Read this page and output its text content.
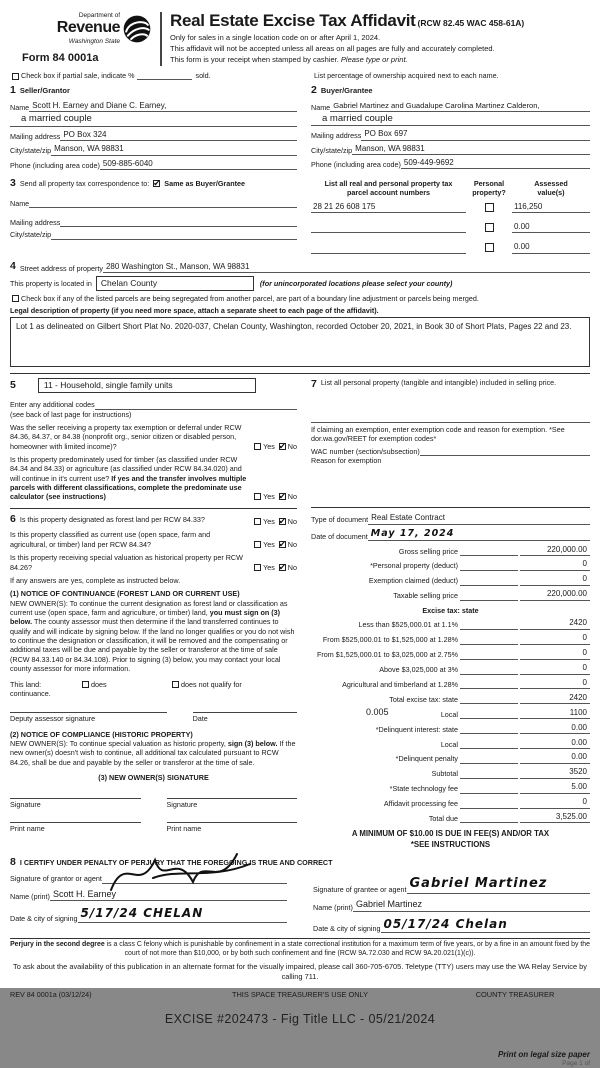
Department of
Revenue
Washington State
Form 84 0001a
Real Estate Excise Tax Affidavit (RCW 82.45 WAC 458-61A)
Only for sales in a single location code on or after April 1, 2024.
This affidavit will not be accepted unless all areas on all pages are fully and accurately completed.
This form is your receipt when stamped by cashier. Please type or print.
Check box if partial sale, indicate %	sold.	List percentage of ownership acquired next to each name.
1 Seller/Grantor
Name Scott H. Earney and Diane C. Earney,
a married couple
Mailing address PO Box 324
City/state/zip Manson, WA 98831
Phone (including area code) 509-885-6040
2 Buyer/Grantee
Name Gabriel Martinez and Guadalupe Carolina Martinez Calderon,
a married couple
Mailing address PO Box 697
City/state/zip Manson, WA 98831
Phone (including area code) 509-449-9692
3 Send all property tax correspondence to: ✔ Same as Buyer/Grantee
Name
Mailing address
City/state/zip
List all real and personal property tax
parcel account numbers
Personal
property?
Assessed
value(s)
28 21 26 608 175	116,250
0.00
0.00
4 Street address of property 280 Washington St., Manson, WA 98831
This property is located in Chelan County	(for unincorporated locations please select your county)
Check box if any of the listed parcels are being segregated from another parcel, are part of a boundary line adjustment or parcels being merged.
Legal description of property (if you need more space, attach a separate sheet to each page of the affidavit).
Lot 1 as delineated on Gilbert Short Plat No. 2020-037, Chelan County, Washington, recorded October 20, 2021, in Book 30 of Short Plats, Pages 22 and 23.
5	11 - Household, single family units
Enter any additional codes
(see back of last page for instructions)
Was the seller receiving a property tax exemption or deferral under RCW 84.36, 84.37, or 84.38 (nonprofit org., senior citizen or disabled person, homeowner with limited income)?	Yes ✔ No
Is this property predominately used for timber (as classified under RCW 84.34 and 84.33) or agriculture (as classified under RCW 84.34.020) and will continue in it's current use? If yes and the transfer involves multiple parcels with different classifications, complete the predominate use calculator (see instructions)	Yes ✔ No
6 Is this property designated as forest land per RCW 84.33?	Yes ✔ No
Is this property classified as current use (open space, farm and agricultural, or timber) land per RCW 84.34?	Yes ✔ No
Is this property receiving special valuation as historical property per RCW 84.26?	Yes ✔ No
If any answers are yes, complete as instructed below.
(1) NOTICE OF CONTINUANCE (FOREST LAND OR CURRENT USE)
NEW OWNER(S): To continue the current designation as forest land or classification as current use (open space, farm and agriculture, or timber) land, you must sign on (3) below. The county assessor must then determine if the land transferred continues to qualify and will indicate by signing below. If the land no longer qualifies or you do not wish to continue the designation or classification, it will be removed and the compensating or additional taxes will be due and payable by the seller or transferor at the time of sale (RCW 84.33.140 or 84.34.108). Prior to signing (3) below, you may contact your local county assessor for more information.
This land:	does	does not qualify for
continuance.
Deputy assessor signature	Date
(2) NOTICE OF COMPLIANCE (HISTORIC PROPERTY)
NEW OWNER(S): To continue special valuation as historic property, sign (3) below. If the new owner(s) doesn't wish to continue, all additional tax calculated pursuant to RCW 84.26, shall be due and payable by the seller or transferor at the time of sale.
(3) NEW OWNER(S) SIGNATURE
Signature	Signature
Print name	Print name
7 List all personal property (tangible and intangible) included in selling price.
If claiming an exemption, enter exemption code and reason for exemption. *See dor.wa.gov/REET for exemption codes*
WAC number (section/subsection)
Reason for exemption
Type of document Real Estate Contract
Date of document May 17, 2024
Gross selling price	220,000.00
*Personal property (deduct)	0
Exemption claimed (deduct)	0
Taxable selling price	220,000.00
Excise tax: state
Less than $525,000.01 at 1.1%	2420
From $525,000.01 to $1,525,000 at 1.28%	0
From $1,525,000.01 to $3,025,000 at 2.75%	0
Above $3,025,000 at 3%	0
Agricultural and timberland at 1.28%	0
Total excise tax: state	2420
0.005	Local	1100
*Delinquent interest: state	0.00
Local	0.00
*Delinquent penalty	0.00
Subtotal	3520
*State technology fee	5.00
Affidavit processing fee	0
Total due	3,525.00
A MINIMUM OF $10.00 IS DUE IN FEE(S) AND/OR TAX
*SEE INSTRUCTIONS
8 I CERTIFY UNDER PENALTY OF PERJURY THAT THE FOREGOING IS TRUE AND CORRECT
Signature of grantor or agent
Name (print) Scott H. Earney
Date & city of signing 5/17/24 CHELAN
Signature of grantee or agent Gabriel Martinez
Name (print) Gabriel Martinez
Date & city of signing 05/17/24 Chelan
Perjury in the second degree is a class C felony which is punishable by confinement in a state correctional institution for a maximum term of five years, or by a fine in an amount fixed by the court of not more than $10,000, or by both such confinement and fine (RCW 9A.72.030 and RCW 9A.20.021(1)(c)).
To ask about the availability of this publication in an alternate format for the visually impaired, please call 360-705-6705. Teletype (TTY) users may use the WA Relay Service by calling 711.
REV 84 0001a (03/12/24)	THIS SPACE TREASURER'S USE ONLY	COUNTY TREASURER
EXCISE #202473 - Fig Title LLC - 05/21/2024
Print on legal size paper
Page 1 of
